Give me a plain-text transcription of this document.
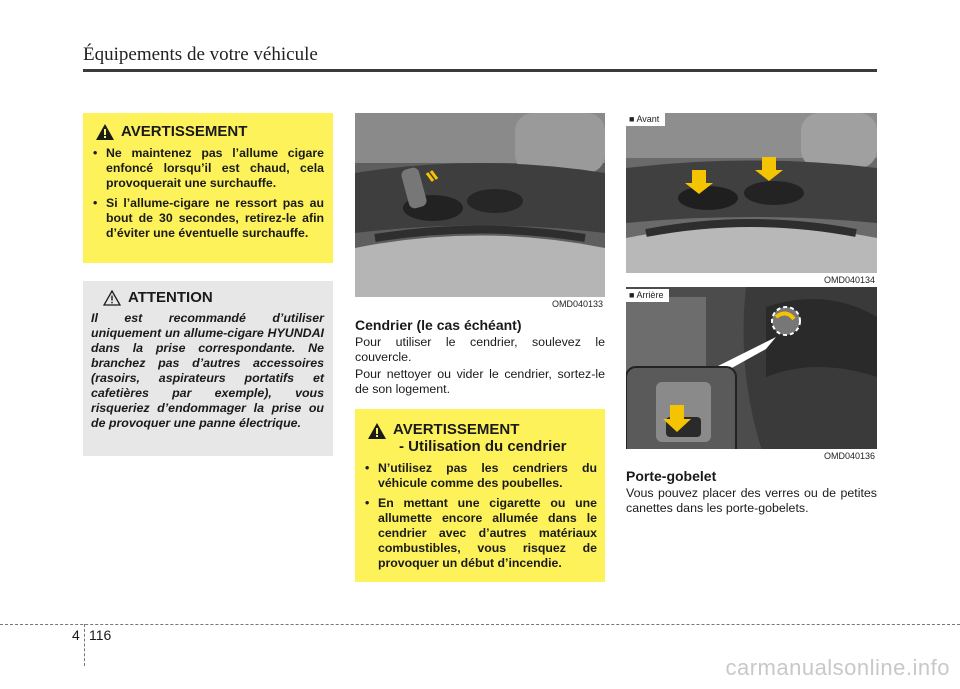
Équipements de votre véhicule
AVERTISSEMENT
• Ne maintenez pas l’allume cigare enfoncé lorsqu’il est chaud, cela provoquerait une surchauffe.
• Si l’allume-cigare ne ressort pas au bout de 30 secondes, retirez-le afin d’éviter une éventuelle surchauffe.
ATTENTION

Il est recommandé d’utiliser uniquement un allume-cigare HYUNDAI dans la prise correspondante. Ne branchez pas d’autres accessoires (rasoirs, aspirateurs portatifs et cafetières par exemple), vous risqueriez d’endommager la prise ou de provoquer une panne électrique.

OMD040133
Cendrier (le cas échéant)

Pour utiliser le cendrier, soulevez le couvercle.

Pour nettoyer ou vider le cendrier, sortez-le de son logement.

AVERTISSEMENT
- Utilisation du cendrier
• N’utilisez pas les cendriers du véhicule comme des poubelles.
• En mettant une cigarette ou une allumette encore allumée dans le cendrier avec d’autres matériaux combustibles, vous risquez de provoquer un début d’incendie.
■ Avant
OMD040134
■ Arrière
OMD040136
Porte-gobelet

Vous pouvez placer des verres ou de petites canettes dans les porte-gobelets.

4 116
carmanualsonline.info
